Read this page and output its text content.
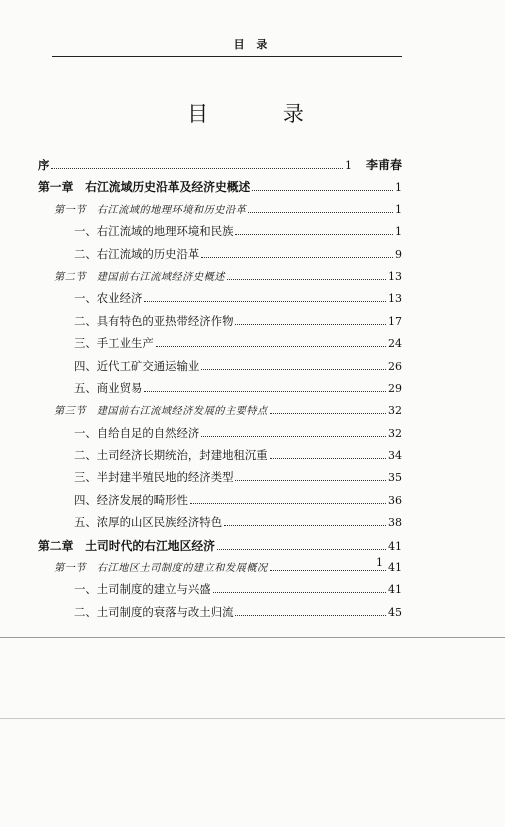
目 录
目 录
序	1 李甫春
第一章　右江流域历史沿革及经济史概述	1
第一节　右江流域的地理环境和历史沿革	1
一、右江流域的地理环境和民族	1
二、右江流域的历史沿革	9
第二节　建国前右江流域经济史概述	13
一、农业经济	13
二、具有特色的亚热带经济作物	17
三、手工业生产	24
四、近代工矿交通运输业	26
五、商业贸易	29
第三节　建国前右江流域经济发展的主要特点	32
一、自给自足的自然经济	32
二、土司经济长期统治，封建地租沉重	34
三、半封建半殖民地的经济类型	35
四、经济发展的畸形性	36
五、浓厚的山区民族经济特色	38
第二章　土司时代的右江地区经济	41
第一节　右江地区土司制度的建立和发展概况	41
一、土司制度的建立与兴盛	41
二、土司制度的衰落与改土归流	45
1
